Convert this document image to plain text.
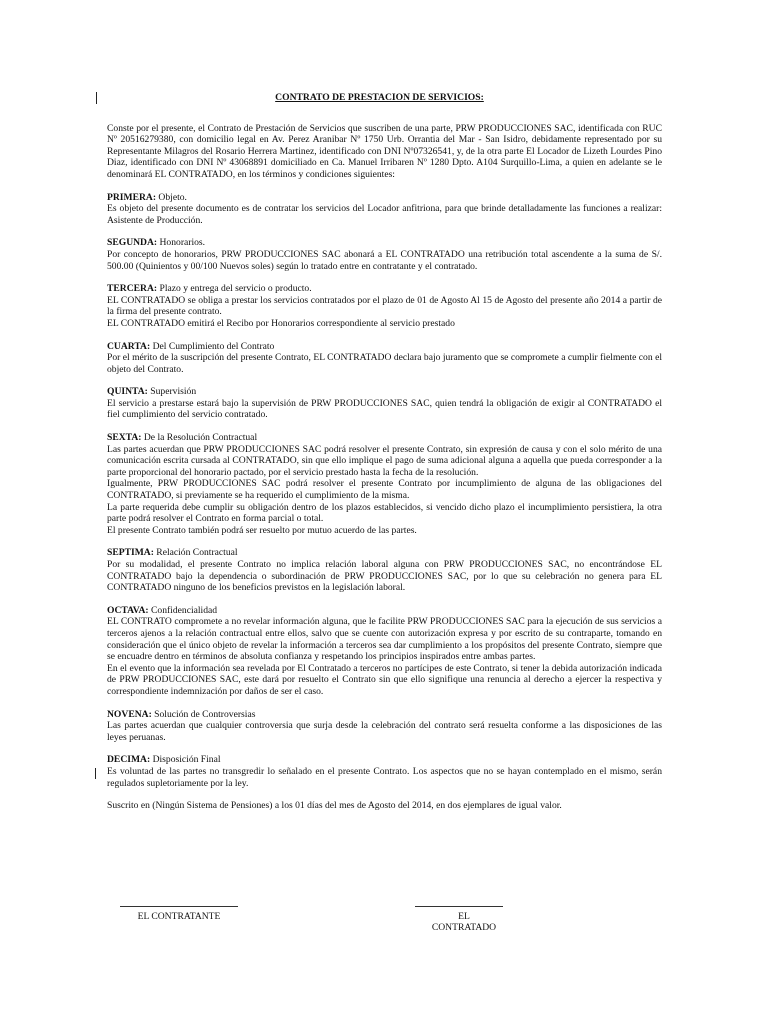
CONTRATO DE PRESTACION DE SERVICIOS:
Conste por el presente, el Contrato de Prestación de Servicios que suscriben de una parte, PRW PRODUCCIONES SAC, identificada con RUC Nº 20516279380, con domicilio legal en Av. Perez Aranibar Nº 1750 Urb. Orrantia del Mar - San Isidro, debidamente representado por su Representante Milagros del Rosario Herrera Martinez, identificado con DNI Nº07326541, y, de la otra parte El Locador de Lizeth Lourdes Pino Diaz, identificado con DNI Nº 43068891 domiciliado en Ca. Manuel Irribaren Nº 1280 Dpto. A104 Surquillo-Lima, a quien en adelante se le denominará EL CONTRATADO, en los términos y condiciones siguientes:
PRIMERA: Objeto.
Es objeto del presente documento es de contratar los servicios del Locador anfitriona, para que brinde detalladamente las funciones a realizar: Asistente de Producción.
SEGUNDA: Honorarios.
Por concepto de honorarios, PRW PRODUCCIONES SAC abonará a EL CONTRATADO una retribución total ascendente a la suma de S/. 500.00 (Quinientos y 00/100 Nuevos soles) según lo tratado entre en contratante y el contratado.
TERCERA: Plazo y entrega del servicio o producto.
EL CONTRATADO se obliga a prestar los servicios contratados por el plazo de 01 de Agosto Al 15 de Agosto del presente año 2014 a partir de la firma del presente contrato.
EL CONTRATADO emitirá el Recibo por Honorarios correspondiente al servicio prestado
CUARTA: Del Cumplimiento del Contrato
Por el mérito de la suscripción del presente Contrato, EL CONTRATADO declara bajo juramento que se compromete a cumplir fielmente con el objeto del Contrato.
QUINTA: Supervisión
El servicio a prestarse estará bajo la supervisión de PRW PRODUCCIONES SAC, quien tendrá la obligación de exigir al CONTRATADO el fiel cumplimiento del servicio contratado.
SEXTA: De la Resolución Contractual
Las partes acuerdan que PRW PRODUCCIONES SAC podrá resolver el presente Contrato, sin expresión de causa y con el solo mérito de una comunicación escrita cursada al CONTRATADO, sin que ello implique el pago de suma adicional alguna a aquella que pueda corresponder a la parte proporcional del honorario pactado, por el servicio prestado hasta la fecha de la resolución.
Igualmente, PRW PRODUCCIONES SAC podrá resolver el presente Contrato por incumplimiento de alguna de las obligaciones del CONTRATADO, si previamente se ha requerido el cumplimiento de la misma.
La parte requerida debe cumplir su obligación dentro de los plazos establecidos, si vencido dicho plazo el incumplimiento persistiera, la otra parte podrá resolver el Contrato en forma parcial o total.
El presente Contrato también podrá ser resuelto por mutuo acuerdo de las partes.
SEPTIMA: Relación Contractual
Por su modalidad, el presente Contrato no implica relación laboral alguna con PRW PRODUCCIONES SAC, no encontrándose EL CONTRATADO bajo la dependencia o subordinación de PRW PRODUCCIONES SAC, por lo que su celebración no genera para EL CONTRATADO ninguno de los beneficios previstos en la legislación laboral.
OCTAVA: Confidencialidad
EL CONTRATO compromete a no revelar información alguna, que le facilite PRW PRODUCCIONES SAC para la ejecución de sus servicios a terceros ajenos a la relación contractual entre ellos, salvo que se cuente con autorización expresa y por escrito de su contraparte, tomando en consideración que el único objeto de revelar la información a terceros sea dar cumplimiento a los propósitos del presente Contrato, siempre que se encuadre dentro en términos de absoluta confianza y respetando los principios inspirados entre ambas partes.
En el evento que la información sea revelada por El Contratado a terceros no partícipes de este Contrato, si tener la debida autorización indicada de PRW PRODUCCIONES SAC, este dará por resuelto el Contrato sin que ello signifique una renuncia al derecho a ejercer la respectiva y correspondiente indemnización por daños de ser el caso.
NOVENA: Solución de Controversias
Las partes acuerdan que cualquier controversia que surja desde la celebración del contrato será resuelta conforme a las disposiciones de las leyes peruanas.
DECIMA: Disposición Final
Es voluntad de las partes no transgredir lo señalado en el presente Contrato. Los aspectos que no se hayan contemplado en el mismo, serán regulados supletoriamente por la ley.
Suscrito en (Ningún Sistema de Pensiones) a los 01 días del mes de Agosto del 2014, en dos ejemplares de igual valor.
EL CONTRATANTE	EL CONTRATADO
